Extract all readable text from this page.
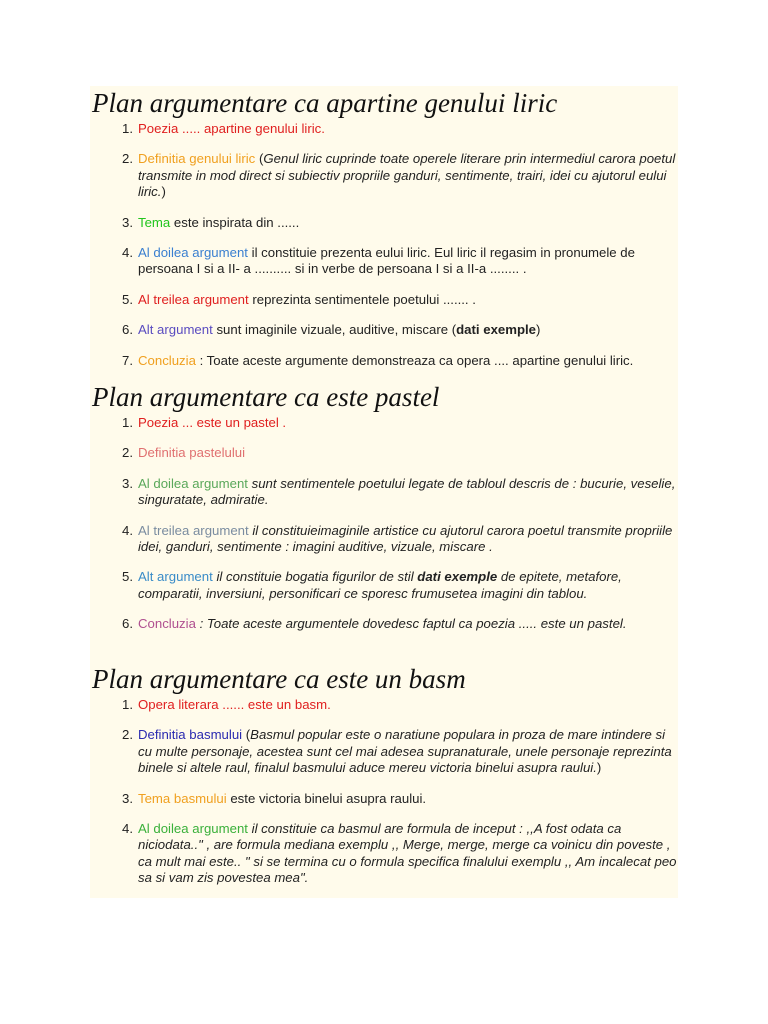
Plan argumentare ca apartine genului liric
1. Poezia ..... apartine genului liric.
2. Definitia genului liric (Genul liric cuprinde toate operele literare prin intermediul carora poetul transmite in mod direct si subiectiv propriile ganduri, sentimente, trairi, idei cu ajutorul eului liric.)
3. Tema este inspirata din ......
4. Al doilea argument il constituie prezenta eului liric. Eul liric il regasim in pronumele de persoana I si a II- a .......... si in verbe de persoana I si a II-a ........ .
5. Al treilea argument reprezinta sentimentele poetului ....... .
6. Alt argument sunt imaginile vizuale, auditive, miscare (dati exemple)
7. Concluzia : Toate aceste argumente demonstreaza ca opera .... apartine genului liric.
Plan argumentare ca este pastel
1. Poezia ... este un pastel .
2. Definitia pastelului
3. Al doilea argument sunt sentimentele poetului legate de tabloul descris de : bucurie, veselie, singuratate, admiratie.
4. Al treilea argument il constituieimaginile artistice cu ajutorul carora poetul transmite propriile idei, ganduri, sentimente : imagini auditive, vizuale, miscare .
5. Alt argument il constituie bogatia figurilor de stil dati exemple de epitete, metafore, comparatii, inversiuni, personificari ce sporesc frumusetea imagini din tablou.
6. Concluzia : Toate aceste argumentele dovedesc faptul ca poezia ..... este un pastel.
Plan argumentare ca este un basm
1. Opera literara ...... este un basm.
2. Definitia basmului (Basmul popular este o naratiune populara in proza de mare intindere si cu multe personaje, acestea sunt cel mai adesea supranaturale, unele personaje reprezinta binele si altele raul, finalul basmului aduce mereu victoria binelui asupra raului.)
3. Tema basmului este victoria binelui asupra raului.
4. Al doilea argument il constituie ca basmul are formula de inceput : ,,A fost odata ca niciodata.." , are formula mediana exemplu ,, Merge, merge, merge ca voinicu din poveste , ca mult mai este.. " si se termina cu o formula specifica finalului exemplu ,, Am incalecat peo sa si vam zis povestea mea".
